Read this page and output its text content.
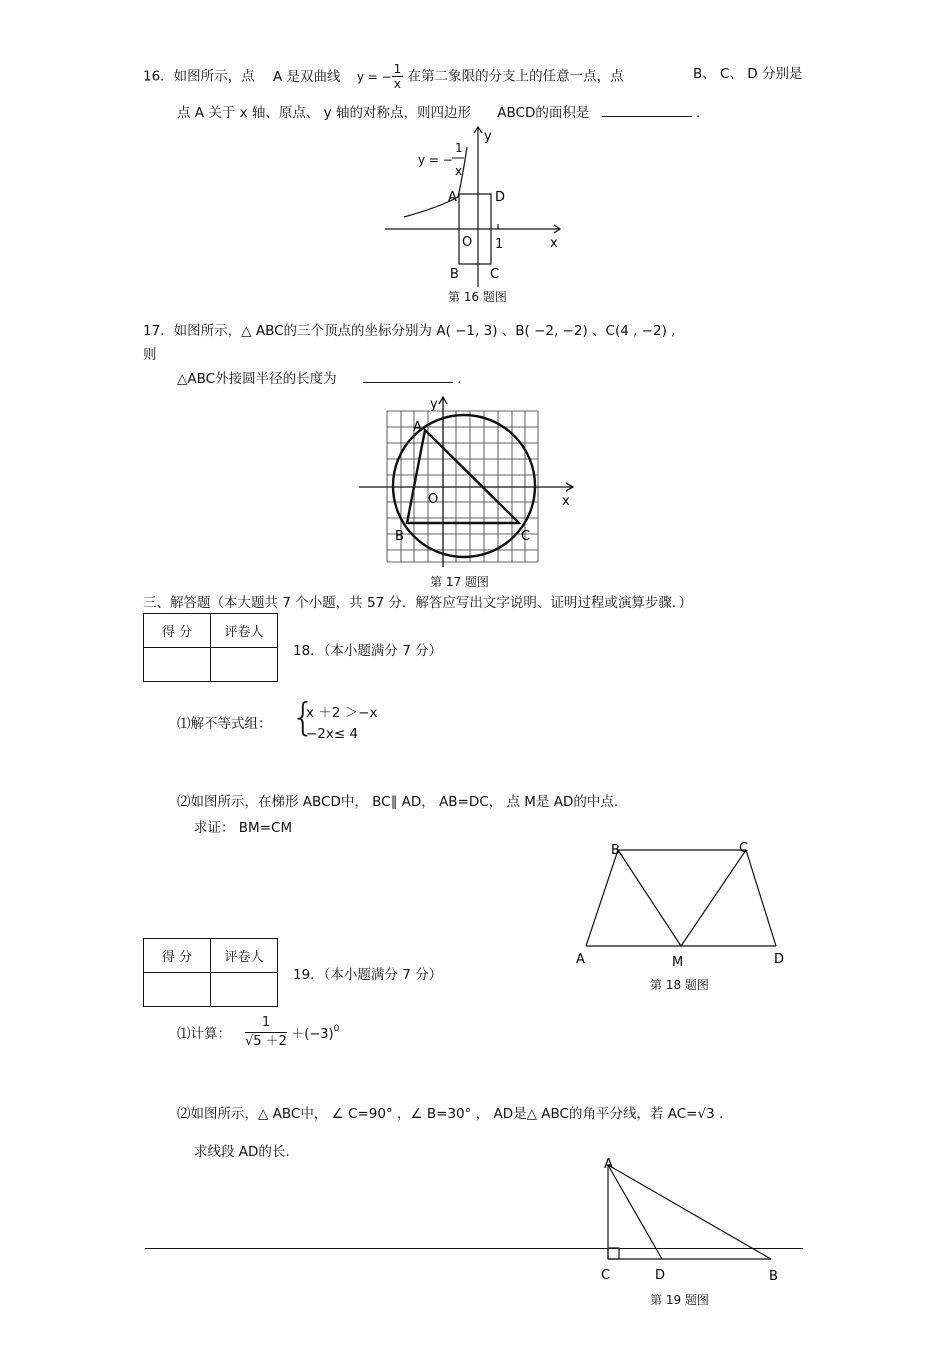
16．如图所示，点 A 是双曲线 y = − $\frac{1}{x}$ 在第二象限的分支上的任意一点，点	B、 C、 D 分别是
点 A 关于 x 轴、原点、 y 轴的对称点，则四边形 ABCD的面积是	.
y
y = −
1
x
A	D
O 1	x
B C
第 16 题图
17．如图所示，△ ABC的三个顶点的坐标分别为 A( −1, 3) 、B( −2, −2) 、C(4 , −2) ,
则
△ABC外接圆半径的长度为	.
y
A
O	x
B	C
第 17 题图
三、解答题（本大题共 7 个小题，共 57 分．解答应写出文字说明、证明过程或演算步骤．）
得 分	评卷人

18．（本小题满分 7 分）
⑴解不等式组： {
x ＋2 ＞−x
−2x≤ 4
⑵如图所示，在梯形 ABCD中， BC∥ AD， AB=DC， 点 M是 AD的中点.
求证： BM=CM
B	C
A	M	D
第 18 题图
得 分	评卷人

19．（本小题满分 7 分）
⑴计算： $\frac{1}{√5 +2} +(-3)^0$
⑵如图所示，△ ABC中， ∠ C=90° ，∠ B=30° ， AD是△ ABC的角平分线，若 AC=√3 .
求线段 AD的长.
A
C	D	B
第 19 题图
